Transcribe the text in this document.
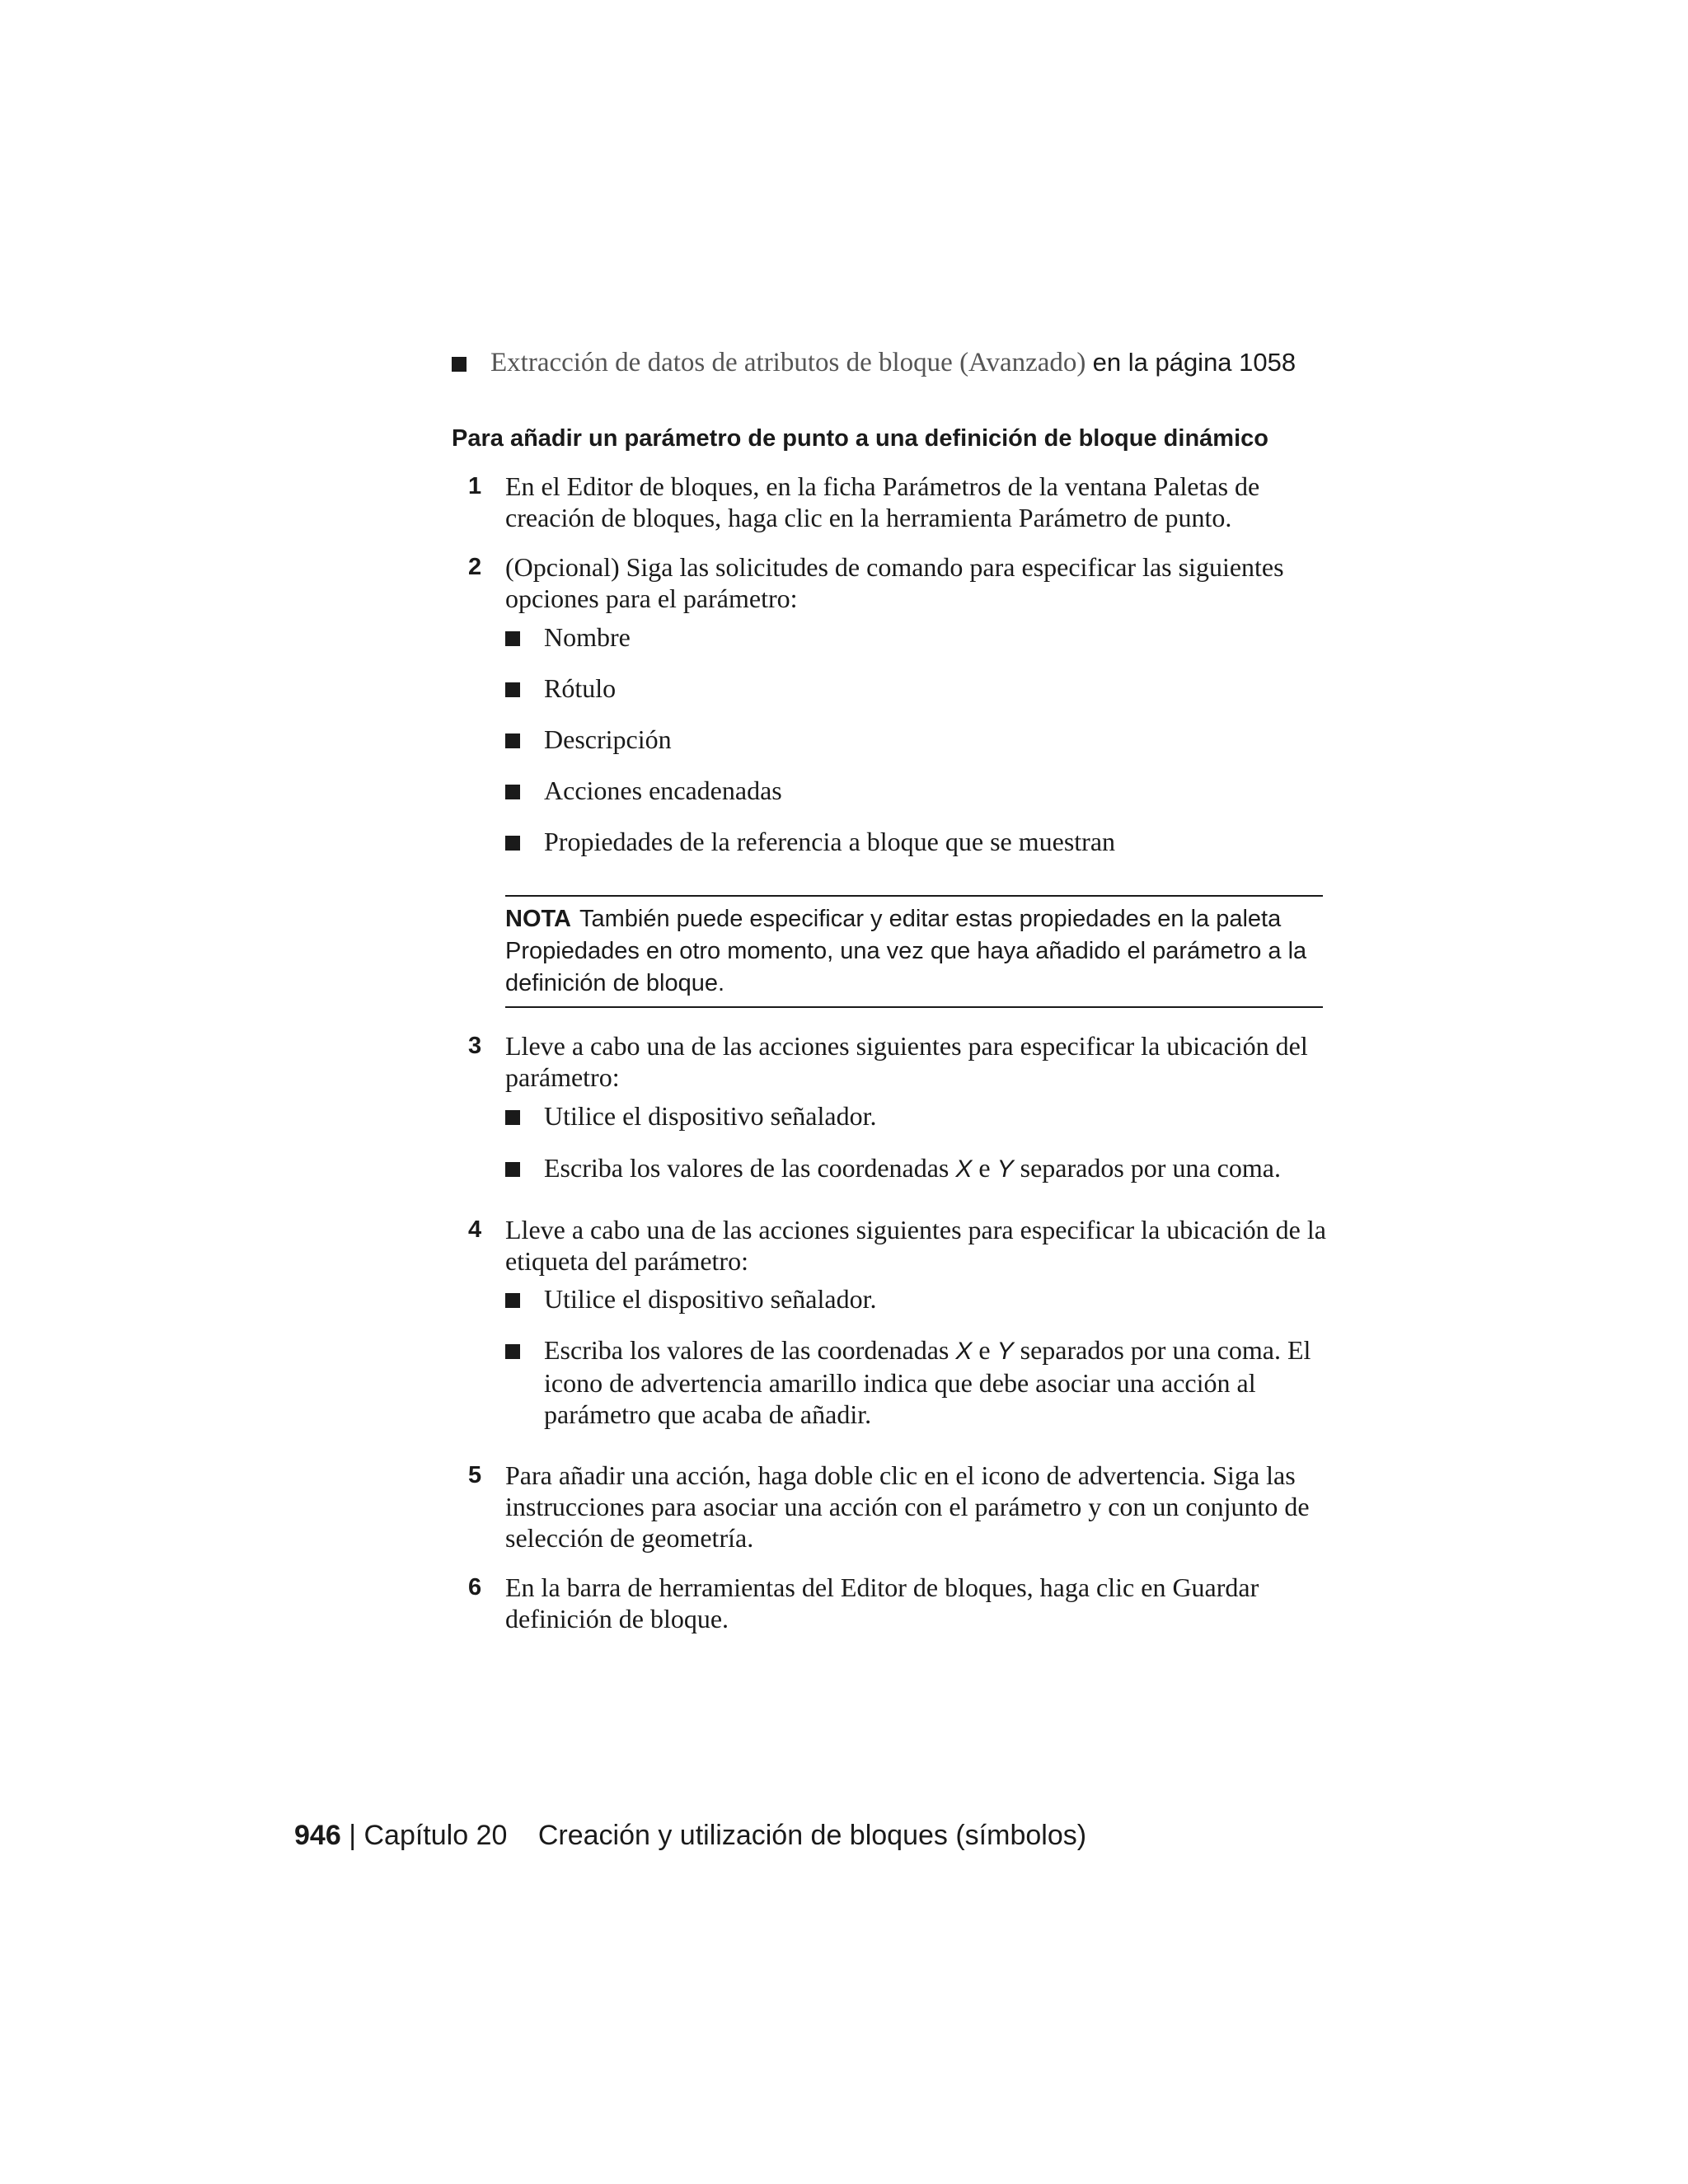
Extracción de datos de atributos de bloque (Avanzado) en la página 1058
Para añadir un parámetro de punto a una definición de bloque dinámico
1 En el Editor de bloques, en la ficha Parámetros de la ventana Paletas de creación de bloques, haga clic en la herramienta Parámetro de punto.
2 (Opcional) Siga las solicitudes de comando para especificar las siguientes opciones para el parámetro:
Nombre
Rótulo
Descripción
Acciones encadenadas
Propiedades de la referencia a bloque que se muestran
NOTA También puede especificar y editar estas propiedades en la paleta Propiedades en otro momento, una vez que haya añadido el parámetro a la definición de bloque.
3 Lleve a cabo una de las acciones siguientes para especificar la ubicación del parámetro:
Utilice el dispositivo señalador.
Escriba los valores de las coordenadas X e Y separados por una coma.
4 Lleve a cabo una de las acciones siguientes para especificar la ubicación de la etiqueta del parámetro:
Utilice el dispositivo señalador.
Escriba los valores de las coordenadas X e Y separados por una coma. El icono de advertencia amarillo indica que debe asociar una acción al parámetro que acaba de añadir.
5 Para añadir una acción, haga doble clic en el icono de advertencia. Siga las instrucciones para asociar una acción con el parámetro y con un conjunto de selección de geometría.
6 En la barra de herramientas del Editor de bloques, haga clic en Guardar definición de bloque.
946 | Capítulo 20 Creación y utilización de bloques (símbolos)
